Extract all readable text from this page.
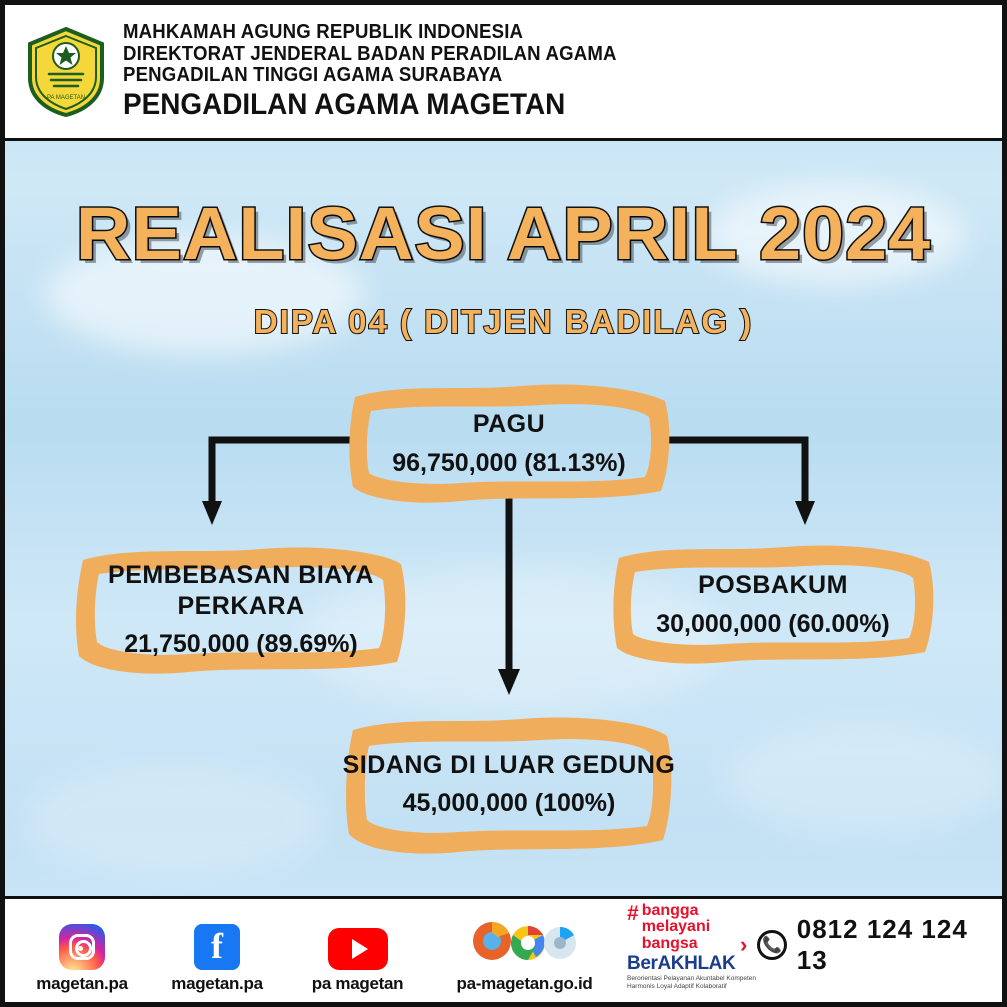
PA MAGETAN
MAHKAMAH AGUNG REPUBLIK INDONESIA
DIREKTORAT JENDERAL BADAN PERADILAN AGAMA
PENGADILAN TINGGI AGAMA SURABAYA
PENGADILAN AGAMA MAGETAN
REALISASI APRIL 2024
DIPA 04 ( DITJEN BADILAG )
PAGU
96,750,000 (81.13%)
PEMBEBASAN BIAYA
PERKARA
21,750,000 (89.69%)
POSBAKUM
30,000,000 (60.00%)
SIDANG DI LUAR GEDUNG
45,000,000 (100%)
magetan.pa
f
magetan.pa	pa magetan	pa-magetan.go.id
# bangga
melayani
bangsa
BerAKHLAK
Berorientasi Pelayanan Akuntabel Kompeten
Harmonis Loyal Adaptif Kolaboratif
› 📞
0812 124 124 13
